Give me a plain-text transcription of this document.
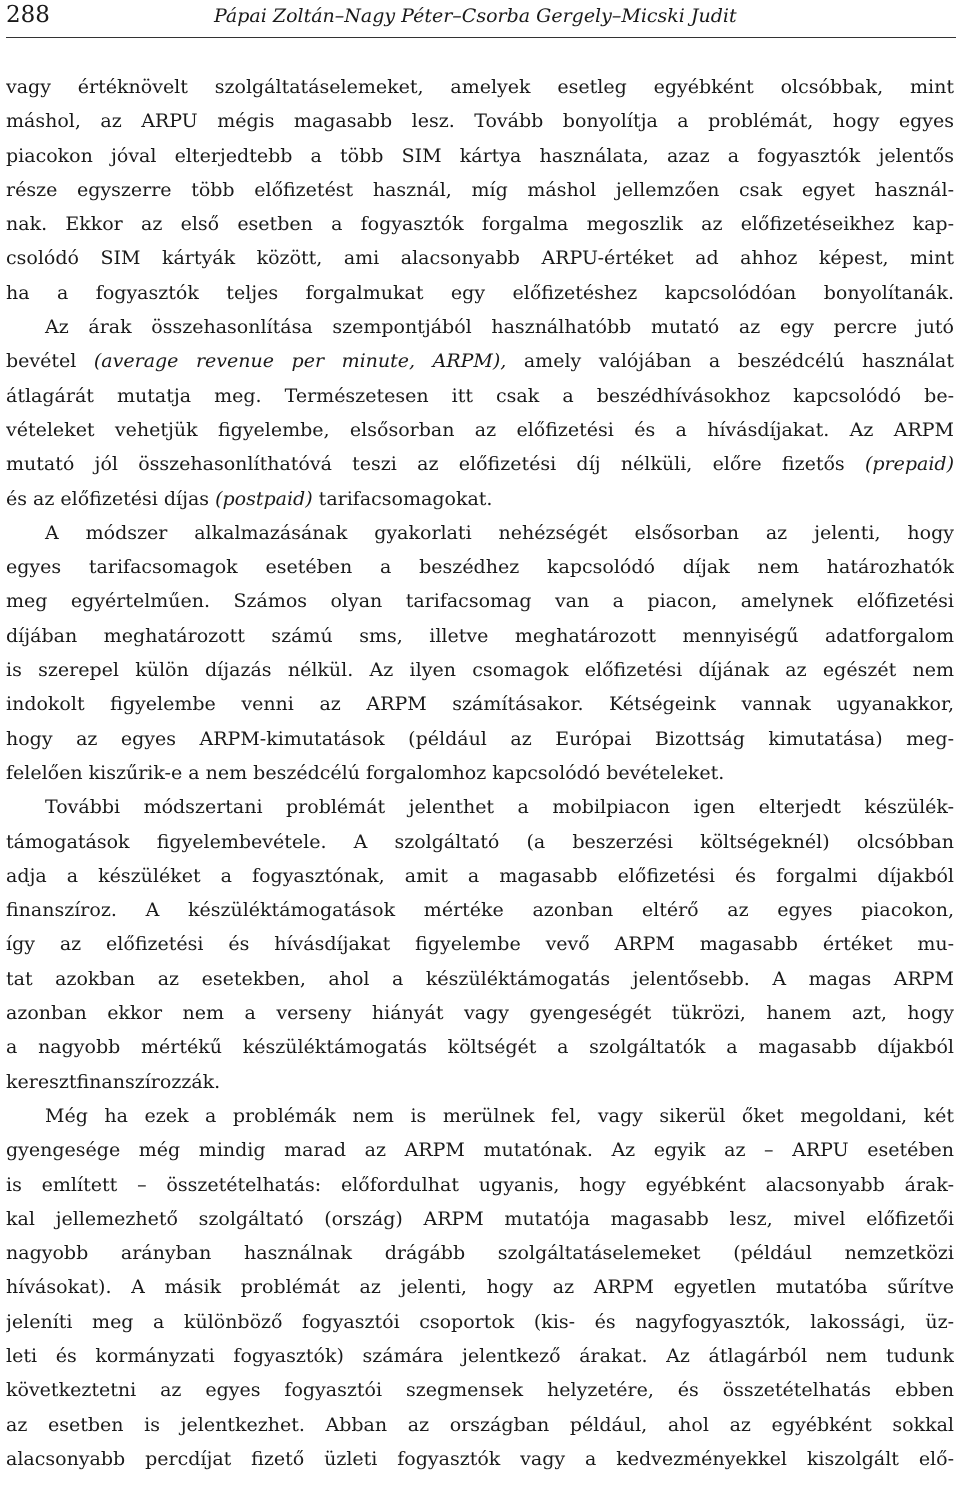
288	Pápai Zoltán–Nagy Péter–Csorba Gergely–Micski Judit
vagy értéknövelt szolgáltatáselemeket, amelyek esetleg egyébként olcsóbbak, mint
máshol, az ARPU mégis magasabb lesz. Tovább bonyolítja a problémát, hogy egyes
piacokon jóval elterjedtebb a több SIM kártya használata, azaz a fogyasztók jelentős
része egyszerre több előfizetést használ, míg máshol jellemzően csak egyet használ-
nak. Ekkor az első esetben a fogyasztók forgalma megoszlik az előfizetéseikhez kap-
csolódó SIM kártyák között, ami alacsonyabb ARPU-értéket ad ahhoz képest, mint
ha a fogyasztók teljes forgalmukat egy előfizetéshez kapcsolódóan bonyolítanák.
Az árak összehasonlítása szempontjából használhatóbb mutató az egy percre jutó
bevétel (average revenue per minute, ARPM), amely valójában a beszédcélú használat
átlagárát mutatja meg. Természetesen itt csak a beszédhívásokhoz kapcsolódó be-
vételeket vehetjük figyelembe, elsősorban az előfizetési és a hívásdíjakat. Az ARPM
mutató jól összehasonlíthatóvá teszi az előfizetési díj nélküli, előre fizetős (prepaid)
és az előfizetési díjas (postpaid) tarifacsomagokat.
A módszer alkalmazásának gyakorlati nehézségét elsősorban az jelenti, hogy
egyes tarifacsomagok esetében a beszédhez kapcsolódó díjak nem határozhatók
meg egyértelműen. Számos olyan tarifacsomag van a piacon, amelynek előfizetési
díjában meghatározott számú sms, illetve meghatározott mennyiségű adatforgalom
is szerepel külön díjazás nélkül. Az ilyen csomagok előfizetési díjának az egészét nem
indokolt figyelembe venni az ARPM számításakor. Kétségeink vannak ugyanakkor,
hogy az egyes ARPM-kimutatások (például az Európai Bizottság kimutatása) meg-
felelően kiszűrik-e a nem beszédcélú forgalomhoz kapcsolódó bevételeket.
További módszertani problémát jelenthet a mobilpiacon igen elterjedt készülék-
támogatások figyelembevétele. A szolgáltató (a beszerzési költségeknél) olcsóbban
adja a készüléket a fogyasztónak, amit a magasabb előfizetési és forgalmi díjakból
finanszíroz. A készüléktámogatások mértéke azonban eltérő az egyes piacokon,
így az előfizetési és hívásdíjakat figyelembe vevő ARPM magasabb értéket mu-
tat azokban az esetekben, ahol a készüléktámogatás jelentősebb. A magas ARPM
azonban ekkor nem a verseny hiányát vagy gyengeségét tükrözi, hanem azt, hogy
a nagyobb mértékű készüléktámogatás költségét a szolgáltatók a magasabb díjakból
keresztfinanszírozzák.
Még ha ezek a problémák nem is merülnek fel, vagy sikerül őket megoldani, két
gyengesége még mindig marad az ARPM mutatónak. Az egyik az – ARPU esetében
is említett – összetételhatás: előfordulhat ugyanis, hogy egyébként alacsonyabb árak-
kal jellemezhető szolgáltató (ország) ARPM mutatója magasabb lesz, mivel előfizetői
nagyobb arányban használnak drágább szolgáltatáselemeket (például nemzetközi
hívásokat). A másik problémát az jelenti, hogy az ARPM egyetlen mutatóba sűrítve
jeleníti meg a különböző fogyasztói csoportok (kis- és nagyfogyasztók, lakossági, üz-
leti és kormányzati fogyasztók) számára jelentkező árakat. Az átlagárból nem tudunk
következtetni az egyes fogyasztói szegmensek helyzetére, és összetételhatás ebben
az esetben is jelentkezhet. Abban az országban például, ahol az egyébként sokkal
alacsonyabb percdíjat fizető üzleti fogyasztók vagy a kedvezményekkel kiszolgált elő-
